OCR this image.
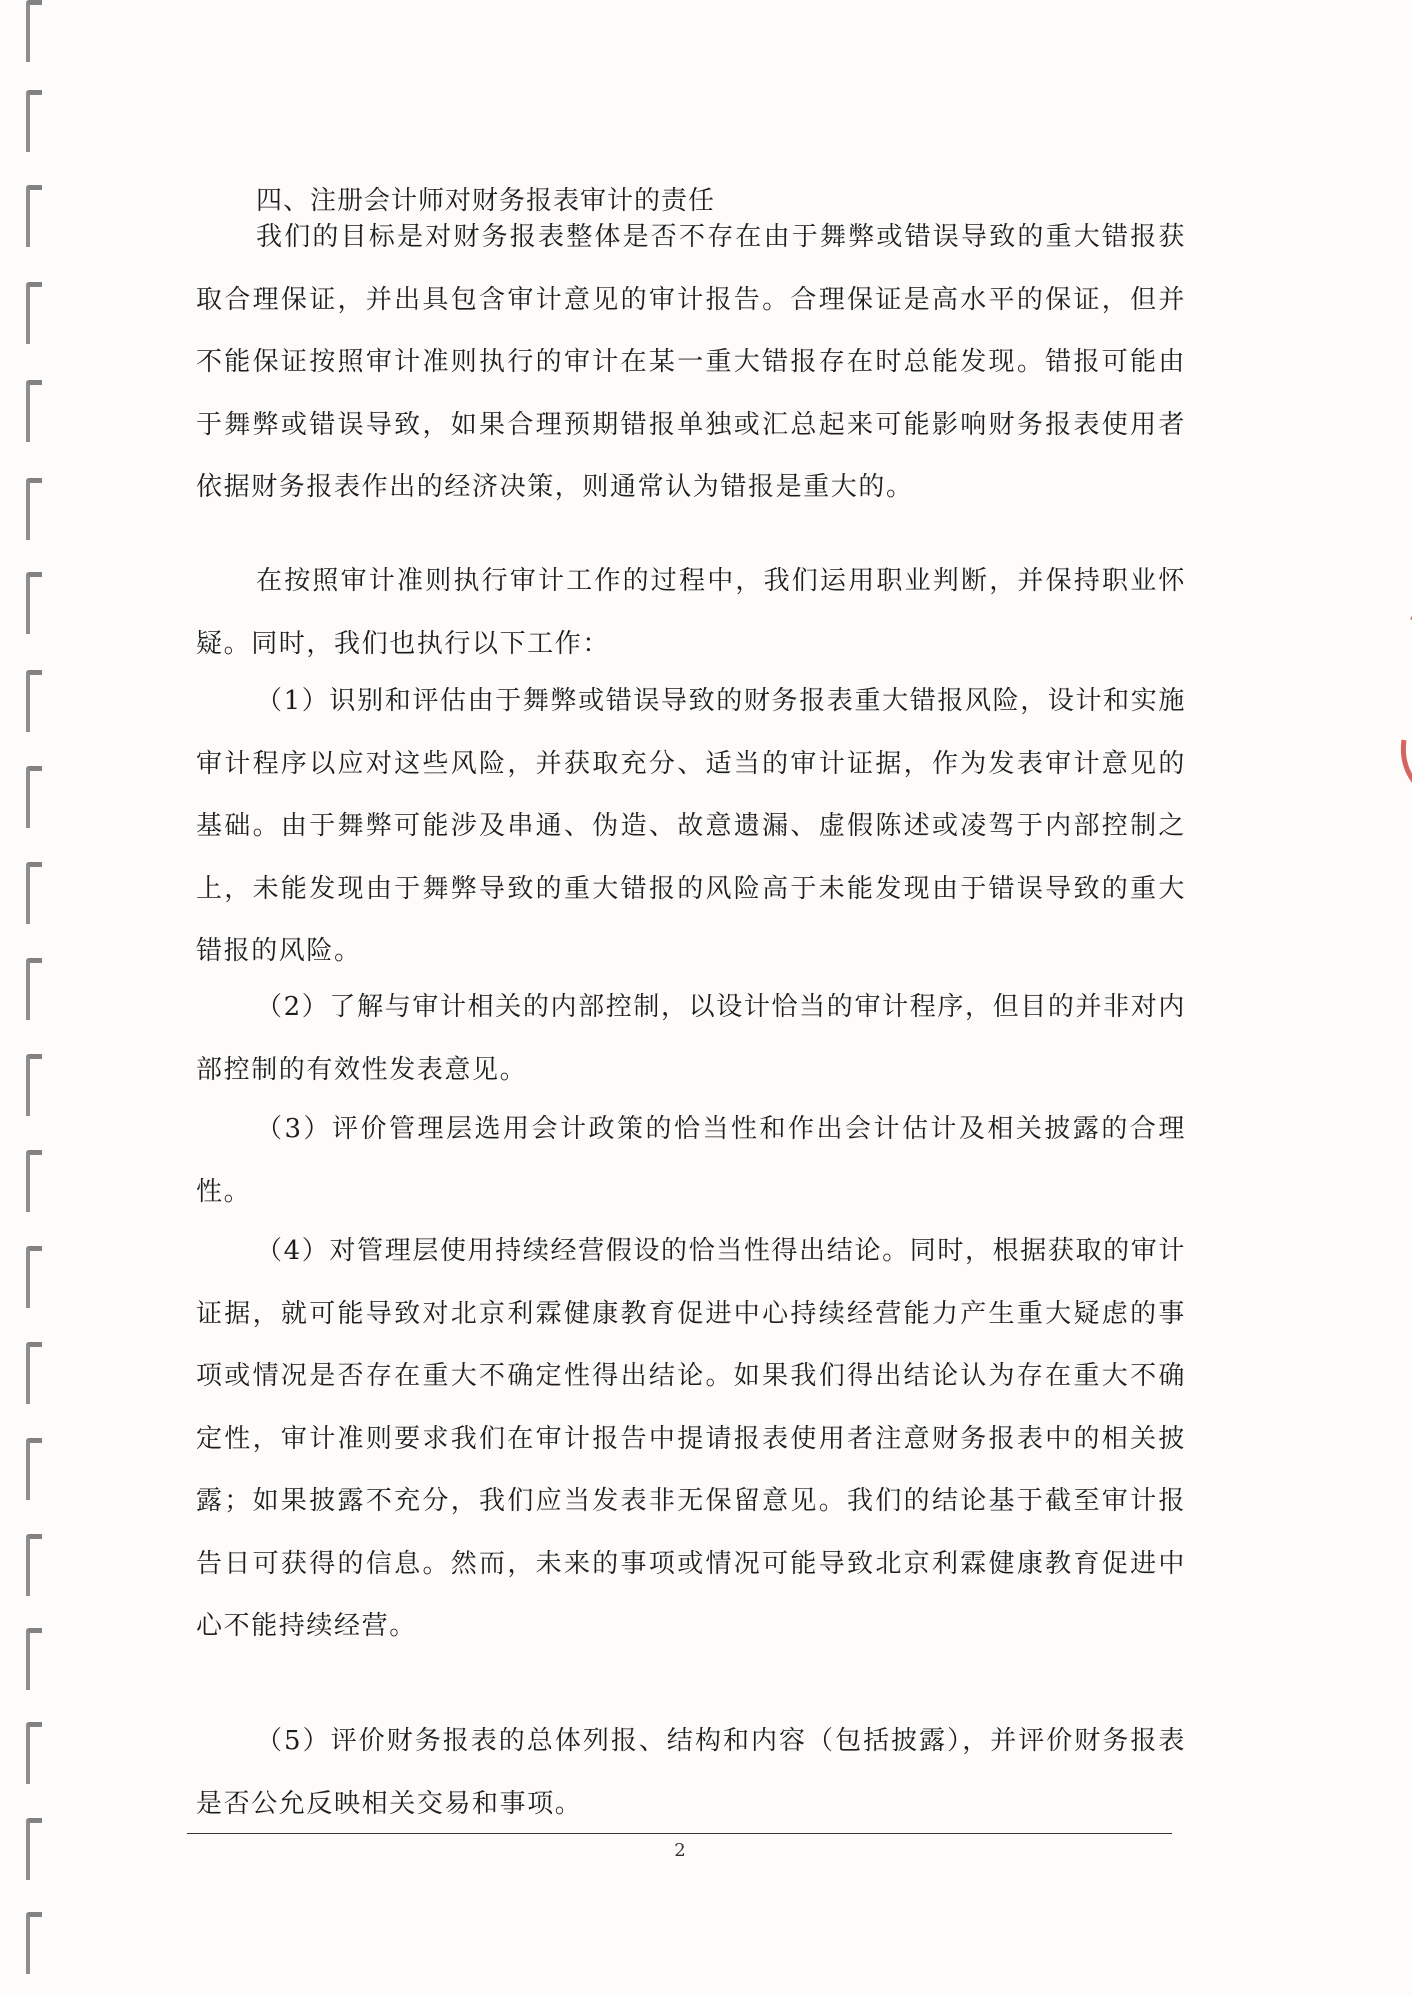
四、注册会计师对财务报表审计的责任

我们的目标是对财务报表整体是否不存在由于舞弊或错误导致的重大错报获取合理保证，并出具包含审计意见的审计报告。合理保证是高水平的保证，但并不能保证按照审计准则执行的审计在某一重大错报存在时总能发现。错报可能由于舞弊或错误导致，如果合理预期错报单独或汇总起来可能影响财务报表使用者依据财务报表作出的经济决策，则通常认为错报是重大的。

在按照审计准则执行审计工作的过程中，我们运用职业判断，并保持职业怀疑。同时，我们也执行以下工作：

（1）识别和评估由于舞弊或错误导致的财务报表重大错报风险，设计和实施审计程序以应对这些风险，并获取充分、适当的审计证据，作为发表审计意见的基础。由于舞弊可能涉及串通、伪造、故意遗漏、虚假陈述或凌驾于内部控制之上，未能发现由于舞弊导致的重大错报的风险高于未能发现由于错误导致的重大错报的风险。

（2）了解与审计相关的内部控制，以设计恰当的审计程序，但目的并非对内部控制的有效性发表意见。

（3）评价管理层选用会计政策的恰当性和作出会计估计及相关披露的合理性。

（4）对管理层使用持续经营假设的恰当性得出结论。同时，根据获取的审计证据，就可能导致对北京利霖健康教育促进中心持续经营能力产生重大疑虑的事项或情况是否存在重大不确定性得出结论。如果我们得出结论认为存在重大不确定性，审计准则要求我们在审计报告中提请报表使用者注意财务报表中的相关披露；如果披露不充分，我们应当发表非无保留意见。我们的结论基于截至审计报告日可获得的信息。然而，未来的事项或情况可能导致北京利霖健康教育促进中心不能持续经营。

（5）评价财务报表的总体列报、结构和内容（包括披露），并评价财务报表是否公允反映相关交易和事项。

2
